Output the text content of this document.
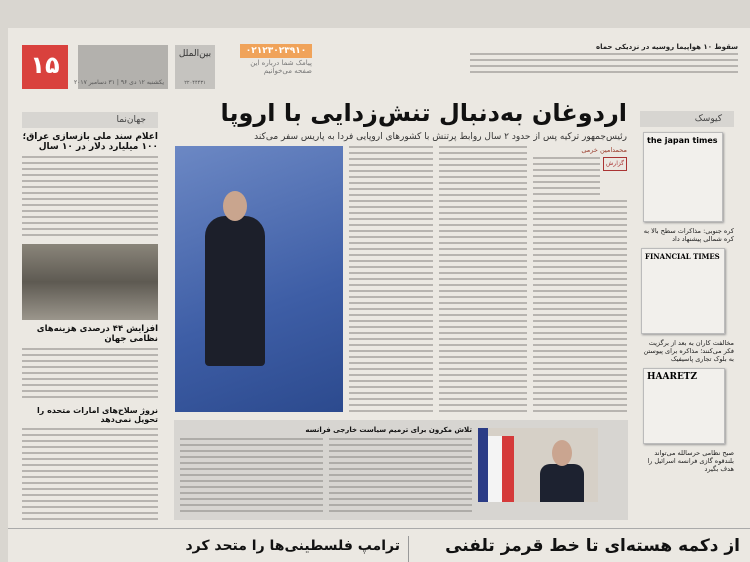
۱۵
یکشنبه ۱۲ دی ۹۶ | ۳۱ دسامبر ۲۰۱۷
بین‌الملل
۲۲۰۴۴۴۳۱
۰۲۱۲۳۰۲۳۹۱۰
پیامک شما درباره این صفحه می‌خوانیم
سقوط ۱۰ هواپیما روسیه در نزدیکی حماه
جهان‌نما
اعلام سند ملی بازسازی عراق؛ ۱۰۰ میلیارد دلار در ۱۰ سال
افزایش ۴۴ درصدی هزینه‌های نظامی جهان
نروژ سلاح‌های امارات متحده را تحویل نمی‌دهد
اردوغان به‌دنبال تنش‌زدایی با اروپا
رئیس‌جمهور ترکیه پس از حدود ۲ سال روابط پرتنش با کشورهای اروپایی فردا به پاریس سفر می‌کند
محمدامین خرمی
گزارش
تلاش مکرون برای ترمیم سیاست خارجی فرانسه
کیوسک
the japan times
کره جنوبی: مذاکرات سطح بالا به کره شمالی پیشنهاد داد
FINANCIAL TIMES
مخالفت کاران به بعد از برگزیت فکر می‌کنند؛ مذاکره برای پیوستن به بلوک تجاری پاسیفیک
HAARETZ
صبح نظامی حرسالله می‌تواند بلندقوه گازی فرانسه اسرائیل را هدف بگیرد
از دکمه هسته‌ای تا خط قرمز تلفنی
ترامپ فلسطینی‌ها را متحد کرد
